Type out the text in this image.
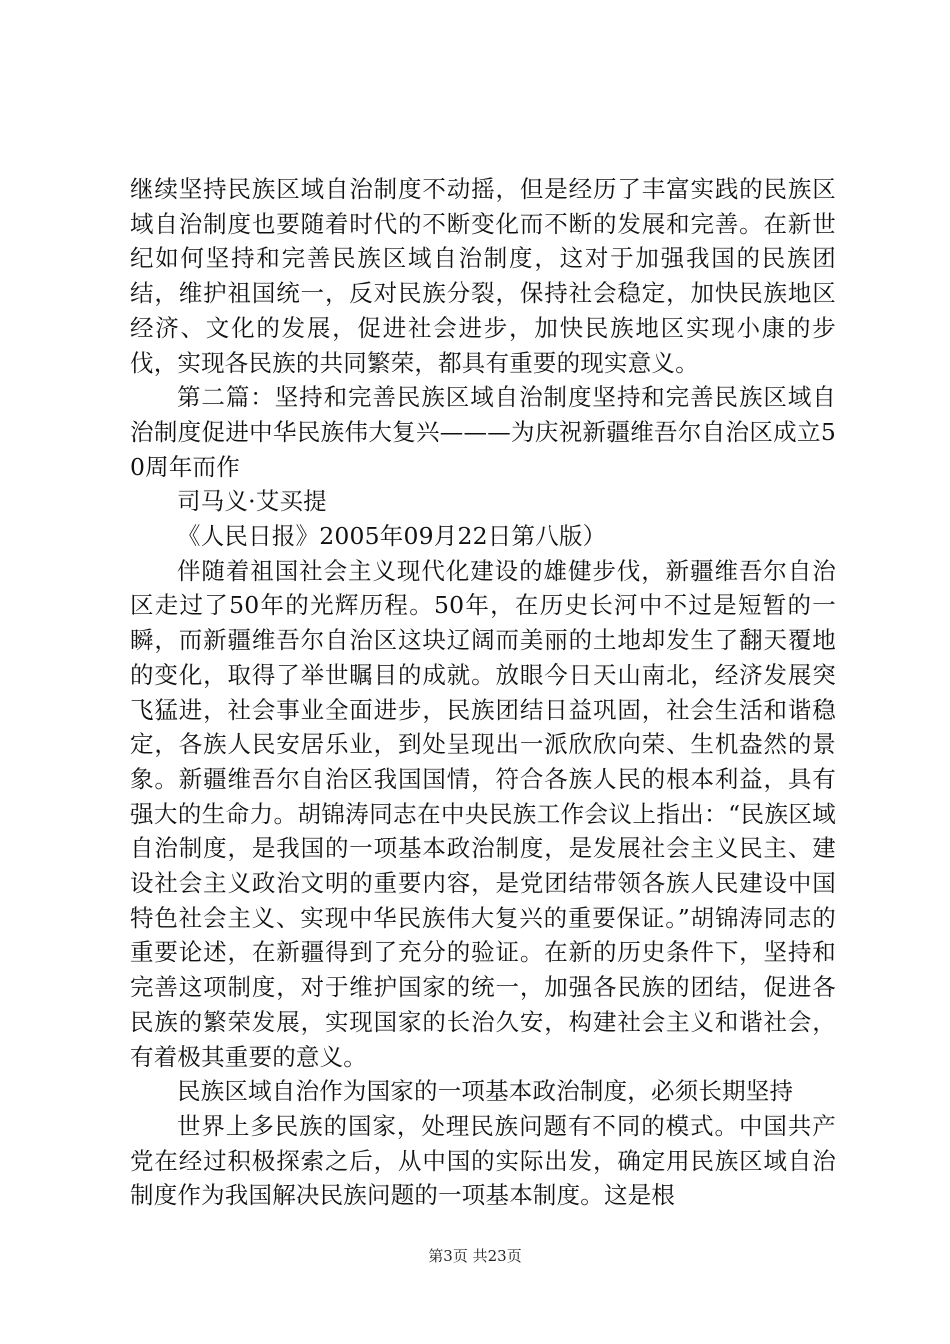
继续坚持民族区域自治制度不动摇，但是经历了丰富实践的民族区域自治制度也要随着时代的不断变化而不断的发展和完善。在新世纪如何坚持和完善民族区域自治制度，这对于加强我国的民族团结，维护祖国统一，反对民族分裂，保持社会稳定，加快民族地区经济、文化的发展，促进社会进步，加快民族地区实现小康的步伐，实现各民族的共同繁荣，都具有重要的现实意义。

第二篇：坚持和完善民族区域自治制度坚持和完善民族区域自治制度促进中华民族伟大复兴———为庆祝新疆维吾尔自治区成立50周年而作

司马义·艾买提

《人民日报》2005年09月22日第八版）

伴随着祖国社会主义现代化建设的雄健步伐，新疆维吾尔自治区走过了50年的光辉历程。50年，在历史长河中不过是短暂的一瞬，而新疆维吾尔自治区这块辽阔而美丽的土地却发生了翻天覆地的变化，取得了举世瞩目的成就。放眼今日天山南北，经济发展突飞猛进，社会事业全面进步，民族团结日益巩固，社会生活和谐稳定，各族人民安居乐业，到处呈现出一派欣欣向荣、生机盎然的景象。新疆维吾尔自治区我国国情，符合各族人民的根本利益，具有强大的生命力。胡锦涛同志在中央民族工作会议上指出：“民族区域自治制度，是我国的一项基本政治制度，是发展社会主义民主、建设社会主义政治文明的重要内容，是党团结带领各族人民建设中国特色社会主义、实现中华民族伟大复兴的重要保证。”胡锦涛同志的重要论述，在新疆得到了充分的验证。在新的历史条件下，坚持和完善这项制度，对于维护国家的统一，加强各民族的团结，促进各民族的繁荣发展，实现国家的长治久安，构建社会主义和谐社会，有着极其重要的意义。

民族区域自治作为国家的一项基本政治制度，必须长期坚持

世界上多民族的国家，处理民族问题有不同的模式。中国共产党在经过积极探索之后，从中国的实际出发，确定用民族区域自治制度作为我国解决民族问题的一项基本制度。这是根

第3页 共23页
